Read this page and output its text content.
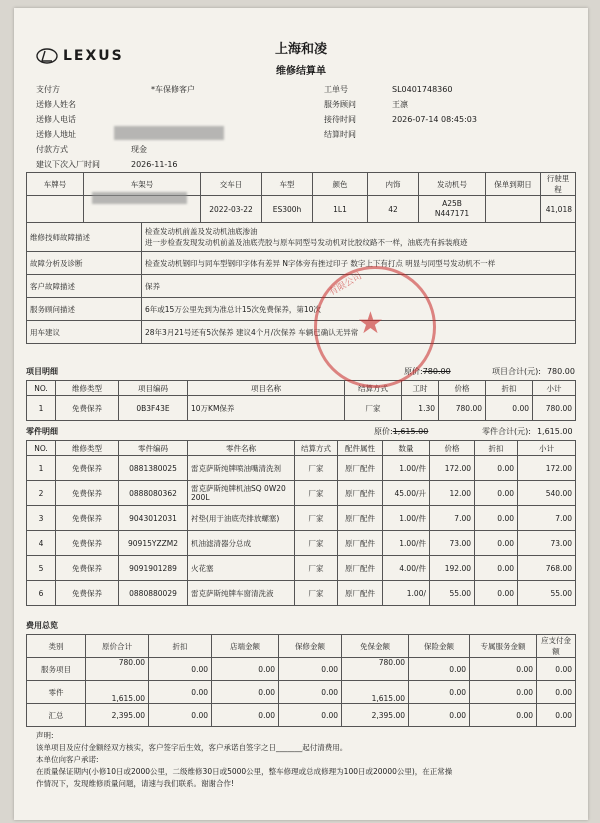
LEXUS	上海和凌
维修结算单
支付方	*车保修客户
送修人姓名
送修人电话
送修人地址
付款方式	现金
建议下次入厂时间	2026-11-16
工单号	SL0401748360
服务顾问	王凛
接待时间	2026-07-14 08:45:03
结算时间
车牌号	车架号	交车日	车型	颜色	内饰	发动机号	保单到期日	行驶里程
		2022-03-22	ES300h	1L1	42	A25B
N447171		41,018
维修技师故障描述	检查发动机前盖及发动机油底渗油
进一步检查发现发动机前盖及油底壳胶与原车同型号发动机对比胶纹路不一样，油底壳有拆装痕迹
故障分析及诊断	检查发动机钢印与同车型钢印字体有差异 N字体旁有挫过印子 数字上下有打点 明显与同型号发动机不一样
客户故障描述	保养
服务顾问描述	6年或15万公里先到为准总计15次免费保养，第10次
用车建议	28年3月21号还有5次保养 建议4个月/次保养 车辆已确认无异常
项目明细	原价:780.00	项目合计(元): 780.00
NO.	维修类型	项目编码	项目名称	结算方式	工时	价格	折扣	小计
1	免费保养	0B3F43E	10万KM保养	厂家	1.30	780.00	0.00	780.00
零件明细	原价:1,615.00	零件合计(元): 1,615.00
NO.	维修类型	零件编码	零件名称	结算方式	配件属性	数量	价格	折扣	小计
1	免费保养	0881380025	雷克萨斯纯牌喷油嘴清洗剂	厂家	原厂配件	1.00/件	172.00	0.00	172.00
2	免费保养	0888080362	雷克萨斯纯牌机油SQ 0W20 200L	厂家	原厂配件	45.00/升	12.00	0.00	540.00
3	免费保养	9043012031	衬垫(用于油底壳排放螺塞)	厂家	原厂配件	1.00/件	7.00	0.00	7.00
4	免费保养	90915YZZM2	机油滤清器分总成	厂家	原厂配件	1.00/件	73.00	0.00	73.00
5	免费保养	9091901289	火花塞	厂家	原厂配件	4.00/件	192.00	0.00	768.00
6	免费保养	0880880029	雷克萨斯纯牌车窗清洗液	厂家	原厂配件	1.00/	55.00	0.00	55.00
费用总览
类别	原价合计	折扣	店端金额	保修金额	免保金额	保险金额	专属服务金额	应支付金额
服务项目	780.00	0.00	0.00	0.00	780.00	0.00	0.00	0.00
零件	1,615.00	0.00	0.00	0.00	1,615.00	0.00	0.00	0.00
汇总	2,395.00	0.00	0.00	0.00	2,395.00	0.00	0.00	0.00
有限公司
★
声明:
该单项目及应付金额经双方核实，客户签字后生效，客户承诺自签字之日_______起付清费用。
本单位向客户承诺:
在质量保证期内(小修10日或2000公里，二级维修30日或5000公里，整车修理或总成修理为100日或20000公里)，在正常操
作情况下，发现维修质量问题，请速与我们联系。谢谢合作!
